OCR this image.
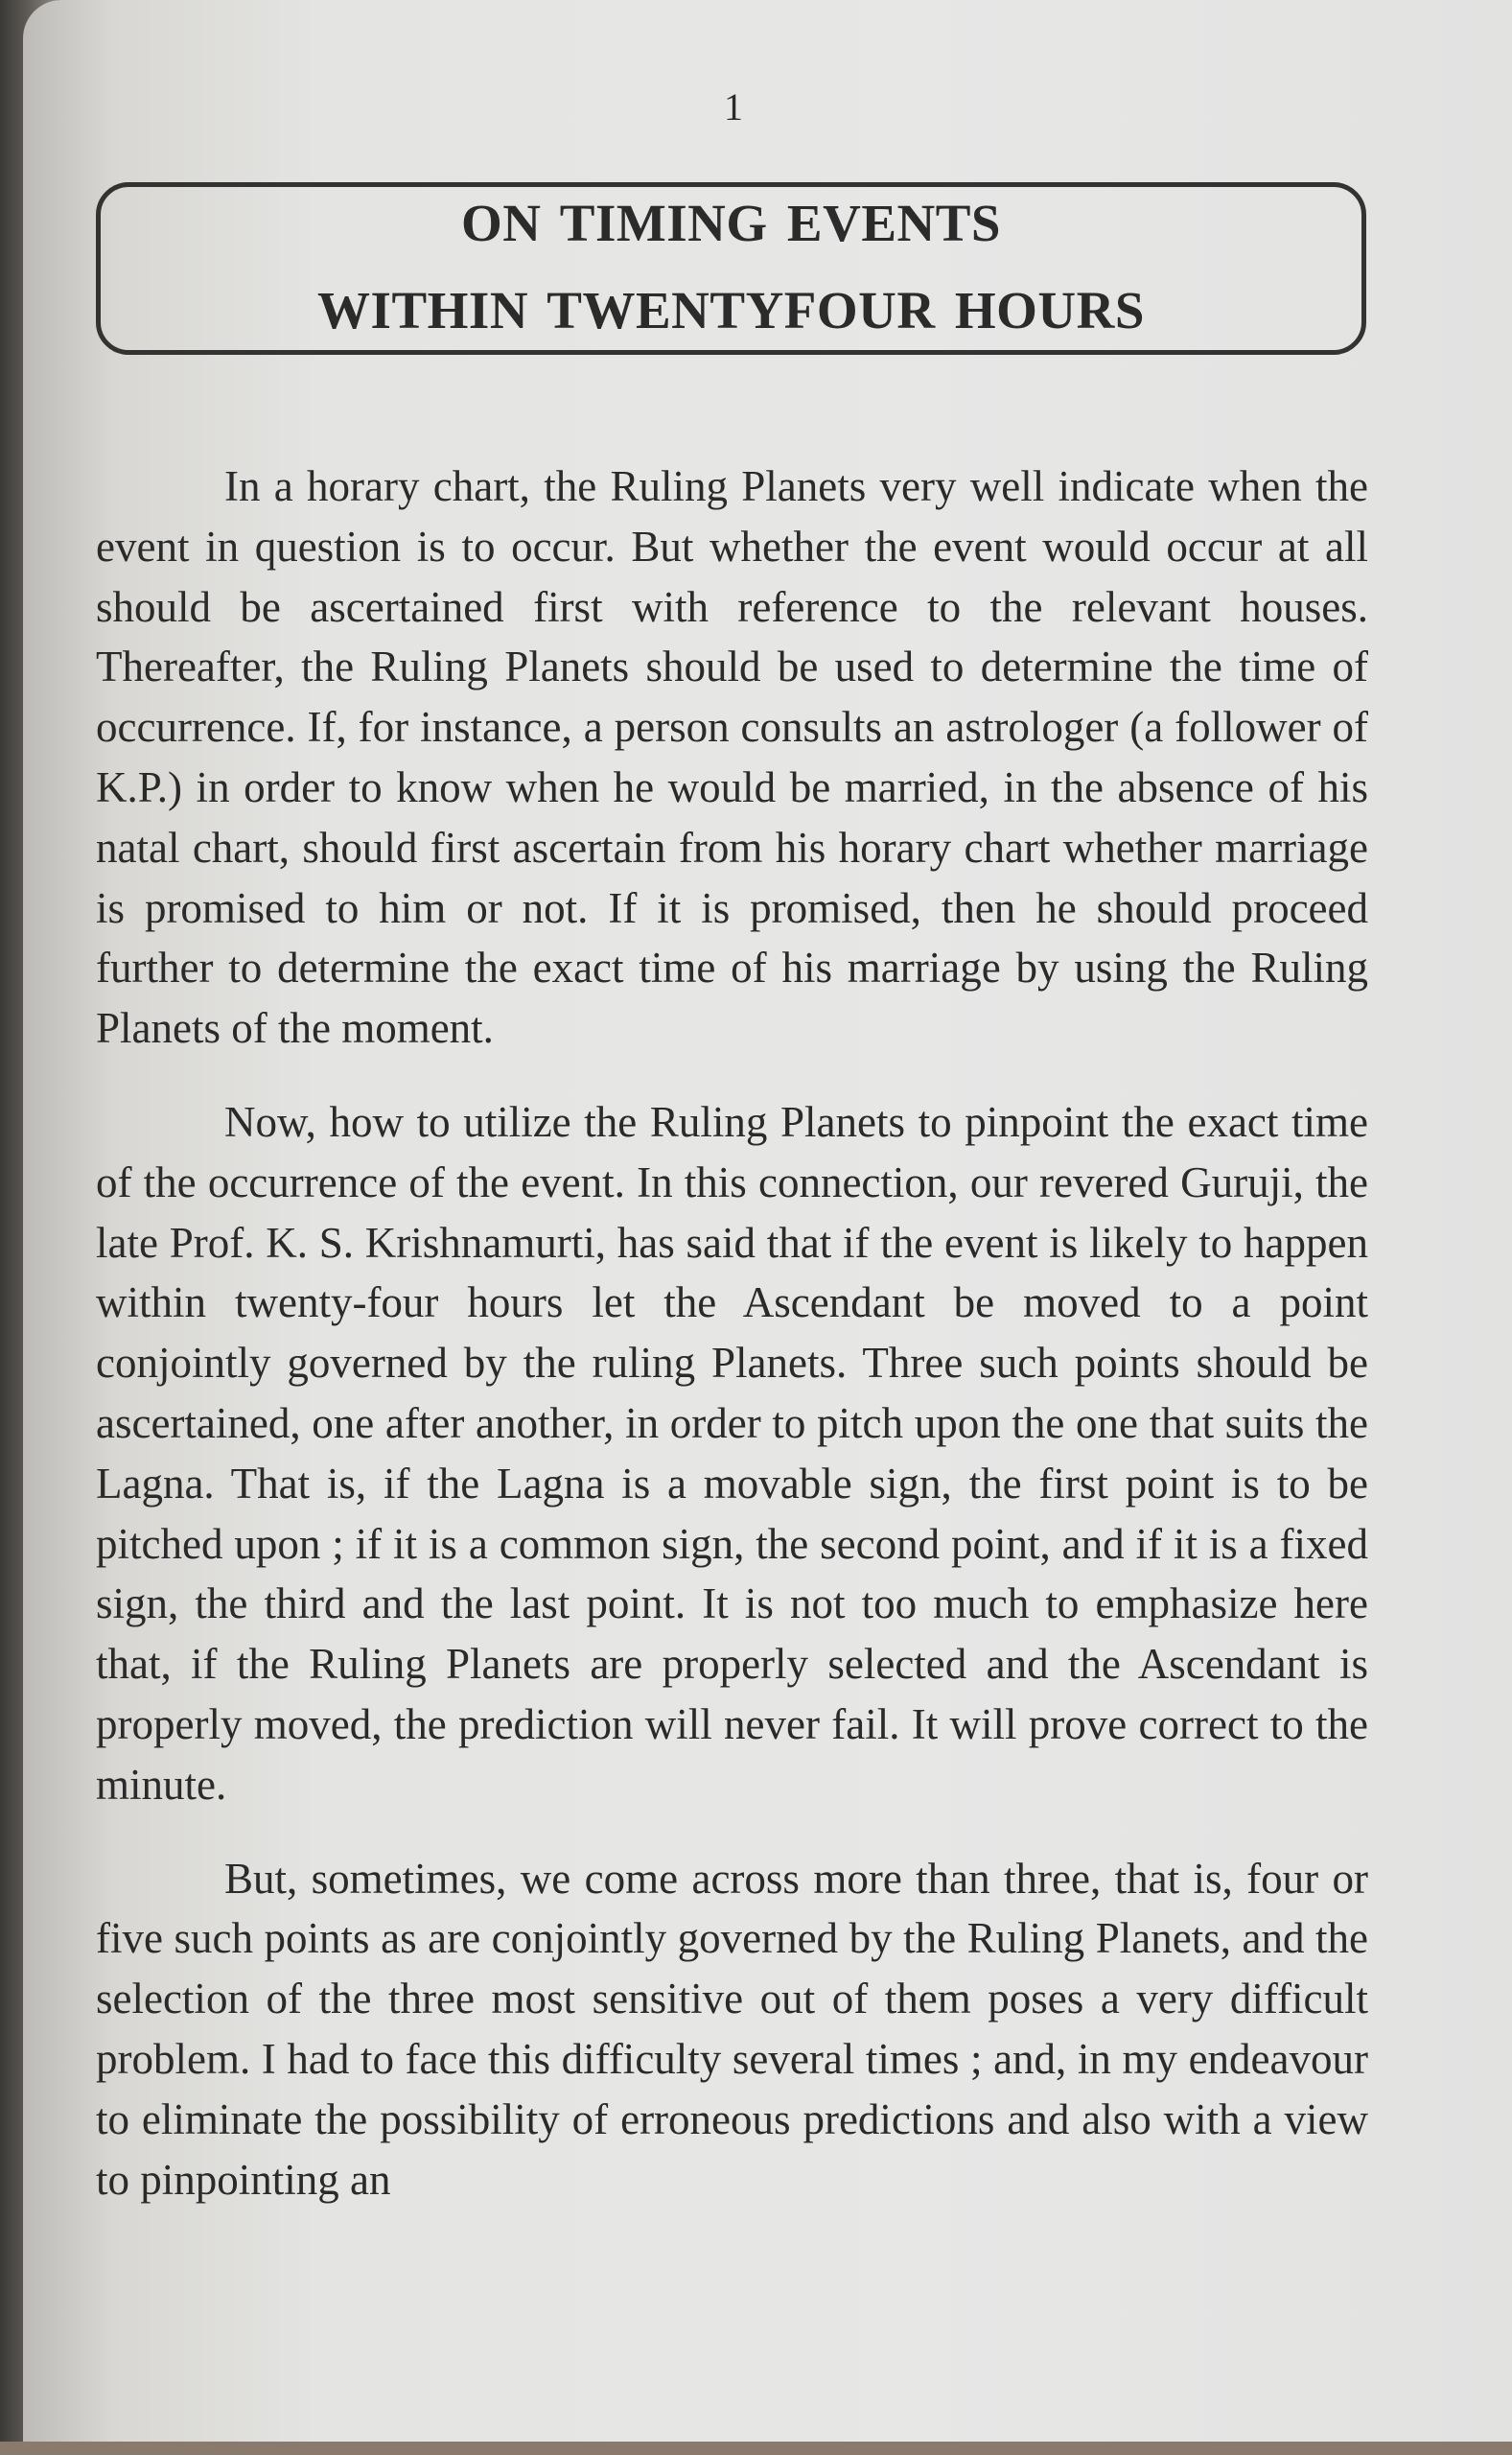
1
ON TIMING EVENTS
WITHIN TWENTYFOUR HOURS

In a horary chart, the Ruling Planets very well indicate when the event in question is to occur. But whether the event would occur at all should be ascertained first with reference to the relevant houses. Thereafter, the Ruling Planets should be used to determine the time of occurrence. If, for instance, a person consults an astrologer (a follower of K.P.) in order to know when he would be married, in the absence of his natal chart, should first ascertain from his horary chart whether marriage is promised to him or not. If it is promised, then he should proceed further to determine the exact time of his marriage by using the Ruling Planets of the moment.

Now, how to utilize the Ruling Planets to pinpoint the exact time of the occurrence of the event. In this connection, our revered Guruji, the late Prof. K. S. Krishnamurti, has said that if the event is likely to happen within twenty-four hours let the Ascendant be moved to a point conjointly governed by the ruling Planets. Three such points should be ascertained, one after another, in order to pitch upon the one that suits the Lagna. That is, if the Lagna is a movable sign, the first point is to be pitched upon ; if it is a common sign, the second point, and if it is a fixed sign, the third and the last point. It is not too much to emphasize here that, if the Ruling Planets are properly selected and the Ascendant is properly moved, the prediction will never fail. It will prove correct to the minute.

But, sometimes, we come across more than three, that is, four or five such points as are conjointly governed by the Ruling Planets, and the selection of the three most sensitive out of them poses a very difficult problem. I had to face this difficulty several times ; and, in my endeavour to eliminate the possibility of erroneous predictions and also with a view to pinpointing an
